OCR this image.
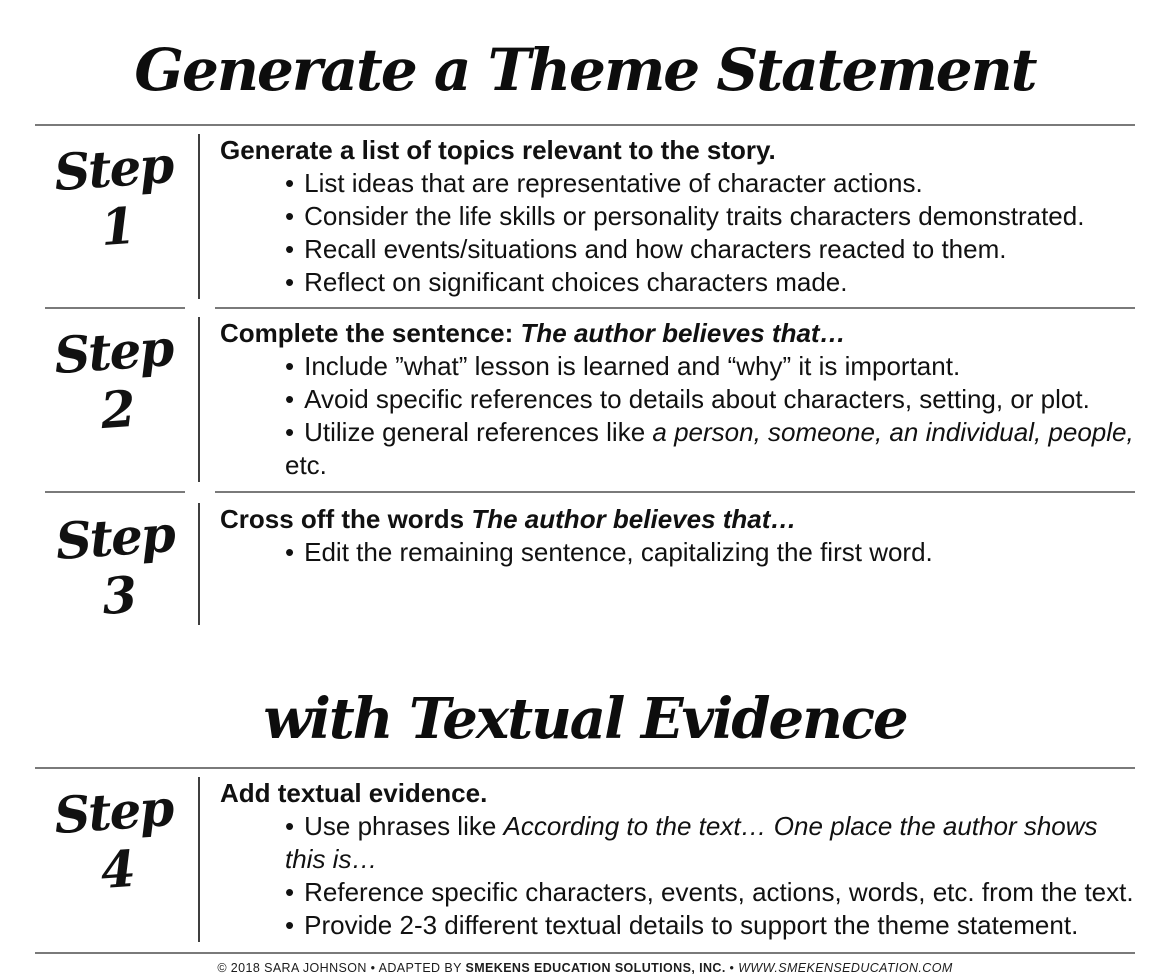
Generate a Theme Statement
Step 1

Generate a list of topics relevant to the story.

• List ideas that are representative of character actions.
• Consider the life skills or personality traits characters demonstrated.
• Recall events/situations and how characters reacted to them.
• Reflect on significant choices characters made.
Step 2

Complete the sentence: The author believes that…

• Include ”what” lesson is learned and “why” it is important.
• Avoid specific references to details about characters, setting, or plot.
• Utilize general references like a person, someone, an individual, people, etc.
Step 3

Cross off the words The author believes that…

• Edit the remaining sentence, capitalizing the first word.
with Textual Evidence
Step 4

Add textual evidence.

• Use phrases like According to the text… One place the author shows this is…
• Reference specific characters, events, actions, words, etc. from the text.
• Provide 2-3 different textual details to support the theme statement.
© 2018 SARA JOHNSON • ADAPTED BY SMEKENS EDUCATION SOLUTIONS, INC. • WWW.SMEKENSEDUCATION.COM
